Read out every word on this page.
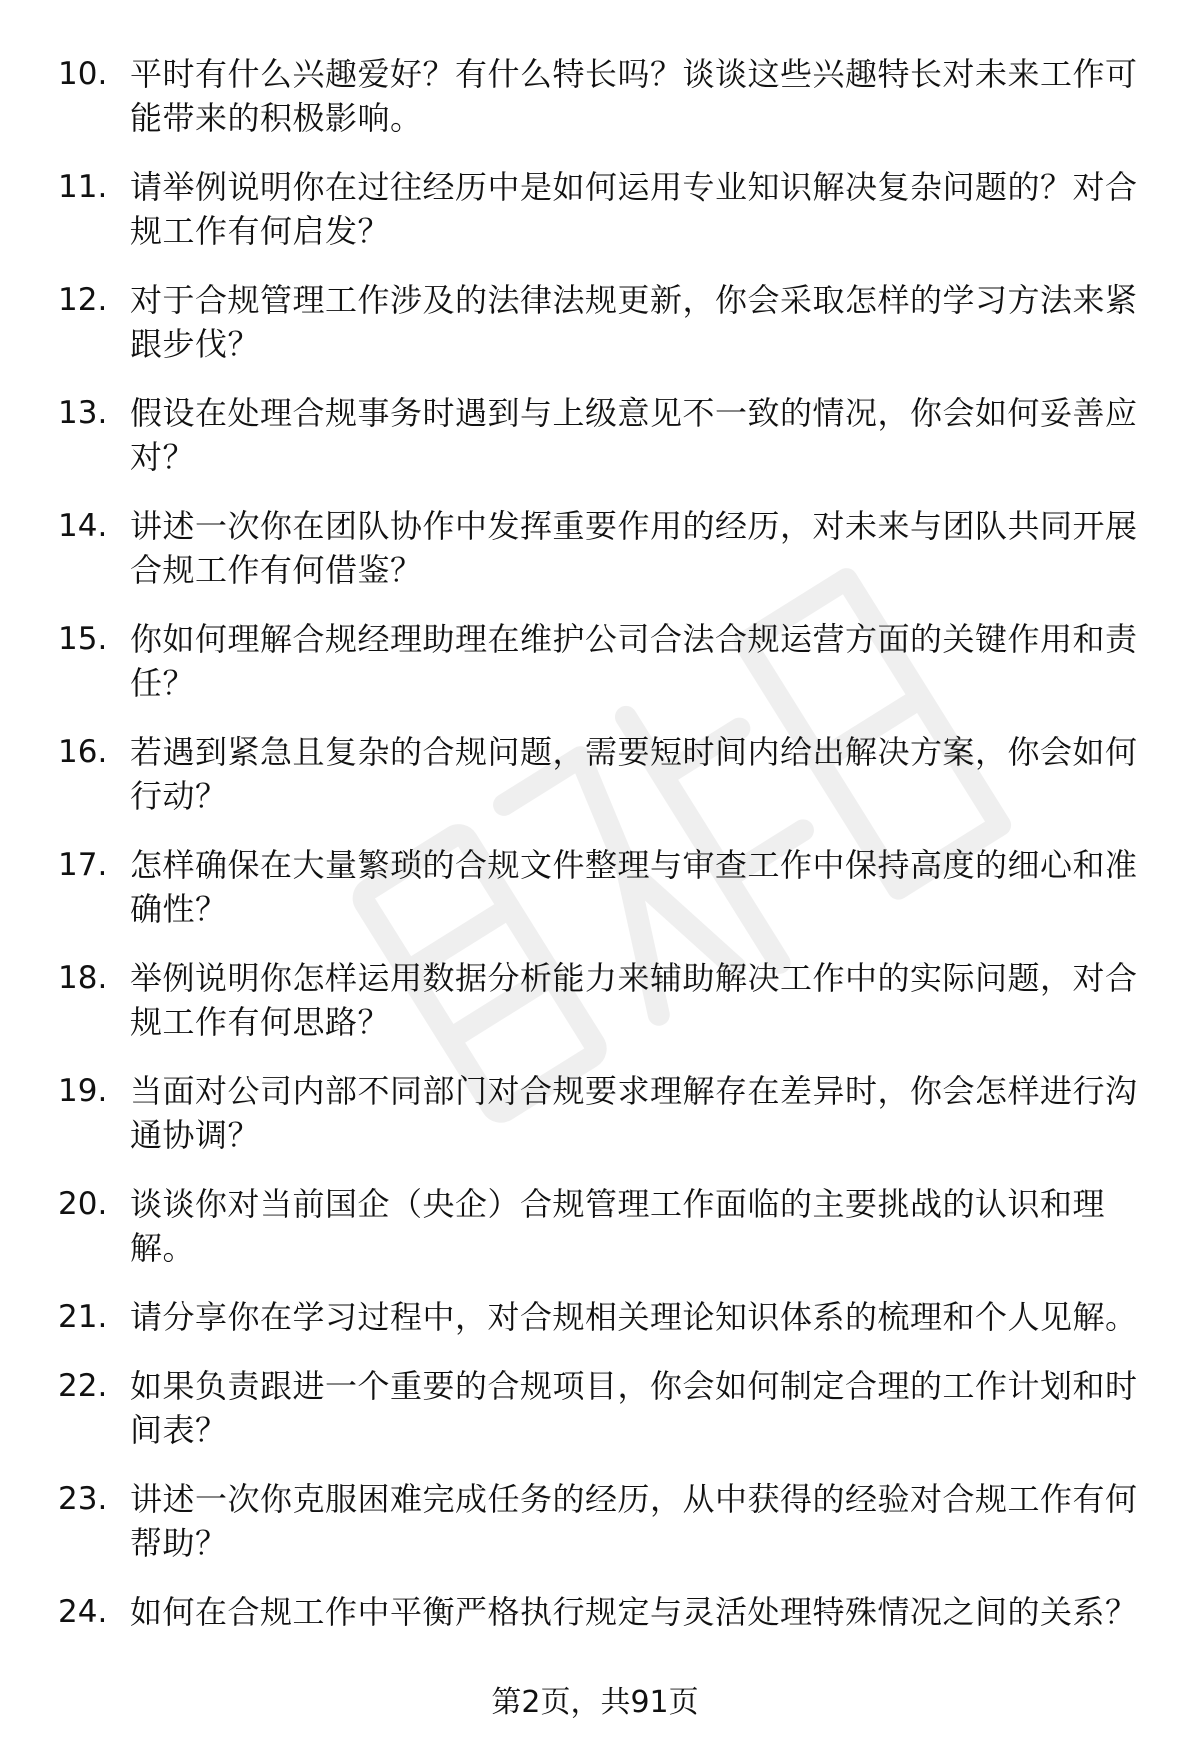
10. 平时有什么兴趣爱好？有什么特长吗？谈谈这些兴趣特长对未来工作可能带来的积极影响。
11. 请举例说明你在过往经历中是如何运用专业知识解决复杂问题的？对合规工作有何启发？
12. 对于合规管理工作涉及的法律法规更新，你会采取怎样的学习方法来紧跟步伐？
13. 假设在处理合规事务时遇到与上级意见不一致的情况，你会如何妥善应对？
14. 讲述一次你在团队协作中发挥重要作用的经历，对未来与团队共同开展合规工作有何借鉴？
15. 你如何理解合规经理助理在维护公司合法合规运营方面的关键作用和责任？
16. 若遇到紧急且复杂的合规问题，需要短时间内给出解决方案，你会如何行动？
17. 怎样确保在大量繁琐的合规文件整理与审查工作中保持高度的细心和准确性？
18. 举例说明你怎样运用数据分析能力来辅助解决工作中的实际问题，对合规工作有何思路？
19. 当面对公司内部不同部门对合规要求理解存在差异时，你会怎样进行沟通协调？
20. 谈谈你对当前国企（央企）合规管理工作面临的主要挑战的认识和理解。
21. 请分享你在学习过程中，对合规相关理论知识体系的梳理和个人见解。
22. 如果负责跟进一个重要的合规项目，你会如何制定合理的工作计划和时间表？
23. 讲述一次你克服困难完成任务的经历，从中获得的经验对合规工作有何帮助？
24. 如何在合规工作中平衡严格执行规定与灵活处理特殊情况之间的关系？
第2页，共91页
